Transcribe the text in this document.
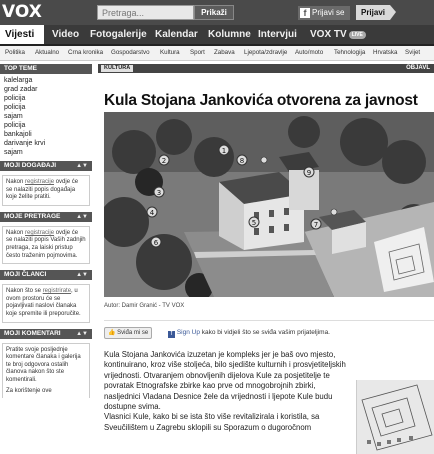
VOX	Pretraga...	Prikaži	f Prijavi se	Prijavi
Vijesti	Video Fotogalerije Kalendar Kolumne Intervjui VOX TV LIVE
Politika Aktualno Crna kronika Gospodarstvo Kultura Sport Zabava Ljepota/zdravlje Auto/moto Tehnologija Hrvatska Svijet
TOP TEME
kalelarga
grad zadar
policija
policija
sajam
policija
bankajoli
darivanje krvi
sajam
MOJI DOGAĐAJI	▲▼
Nakon registracije ovdje će se nalaziti popis događaja koje želite pratiti.
MOJE PRETRAGE	▲▼
Nakon registracije ovdje će se nalaziti popis Vaših zadnjih pretraga, za laiski pristup često traženim pojmovima.
MOJI ČLANCI	▲▼
Nakon što se registrirate, u ovom prostoru će se pojavljivati naslovi članaka koje spremite ili preporučite.
MOJI KOMENTARI	▲▼
Pratite svoje posljednje komentare članaka i galerija te broj odgovora ostalih članova nakon što ste komentirali.
Za korištenje ove
KULTURA	OBJAVL
Kula Stojana Jankovića otvorena za javnost
1
2
3
4
5
6
7
8
9
Autor: Damir Granić - TV VOX
👍 Sviđa mi se	f Sign Up kako bi vidjeli što se sviđa vašim prijateljima.
Kula Stojana Jankovića izuzetan je kompleks jer je baš ovo mjesto, kontinuirano, kroz više stoljeća, bilo sjedište kulturnih i prosvjetiteljskih vrijednosti. Otvaranjem obnovljenih dijelova Kule za posjetitelje te povratak Etnografske zbirke kao prve od mnogobrojnih zbirki, nasljednici Vladana Desnice žele da vrijednosti i ljepote Kule budu dostupne svima.
Vlasnici Kule, kako bi se ista što više revitalizirala i koristila, sa Sveučilištem u Zagrebu sklopili su Sporazum o dugoročnom
